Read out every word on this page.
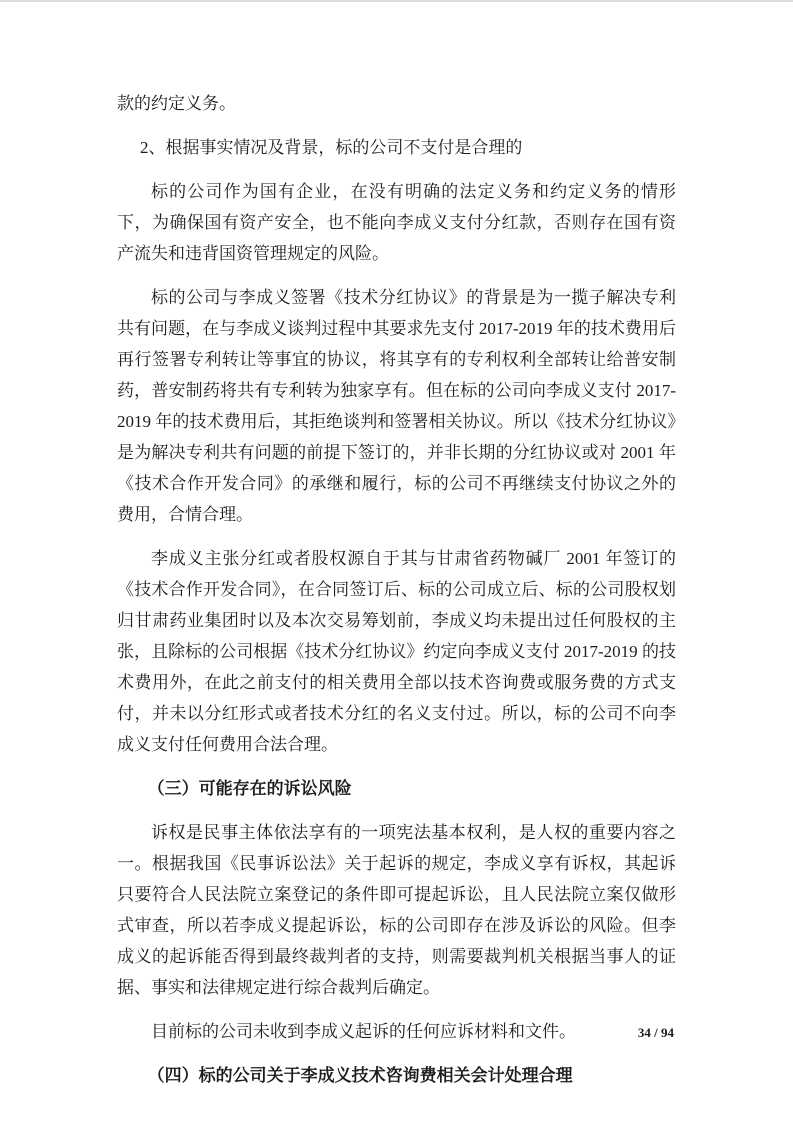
款的约定义务。

2、根据事实情况及背景，标的公司不支付是合理的

标的公司作为国有企业，在没有明确的法定义务和约定义务的情形下，为确保国有资产安全，也不能向李成义支付分红款，否则存在国有资产流失和违背国资管理规定的风险。

标的公司与李成义签署《技术分红协议》的背景是为一揽子解决专利共有问题，在与李成义谈判过程中其要求先支付 2017-2019 年的技术费用后再行签署专利转让等事宜的协议，将其享有的专利权利全部转让给普安制药，普安制药将共有专利转为独家享有。但在标的公司向李成义支付 2017-2019 年的技术费用后，其拒绝谈判和签署相关协议。所以《技术分红协议》是为解决专利共有问题的前提下签订的，并非长期的分红协议或对 2001 年《技术合作开发合同》的承继和履行，标的公司不再继续支付协议之外的费用，合情合理。

李成义主张分红或者股权源自于其与甘肃省药物碱厂 2001 年签订的《技术合作开发合同》，在合同签订后、标的公司成立后、标的公司股权划归甘肃药业集团时以及本次交易筹划前，李成义均未提出过任何股权的主张，且除标的公司根据《技术分红协议》约定向李成义支付 2017-2019 的技术费用外，在此之前支付的相关费用全部以技术咨询费或服务费的方式支付，并未以分红形式或者技术分红的名义支付过。所以，标的公司不向李成义支付任何费用合法合理。

（三）可能存在的诉讼风险

诉权是民事主体依法享有的一项宪法基本权利，是人权的重要内容之一。根据我国《民事诉讼法》关于起诉的规定，李成义享有诉权，其起诉只要符合人民法院立案登记的条件即可提起诉讼，且人民法院立案仅做形式审查，所以若李成义提起诉讼，标的公司即存在涉及诉讼的风险。但李成义的起诉能否得到最终裁判者的支持，则需要裁判机关根据当事人的证据、事实和法律规定进行综合裁判后确定。

目前标的公司未收到李成义起诉的任何应诉材料和文件。

（四）标的公司关于李成义技术咨询费相关会计处理合理

34 / 94
